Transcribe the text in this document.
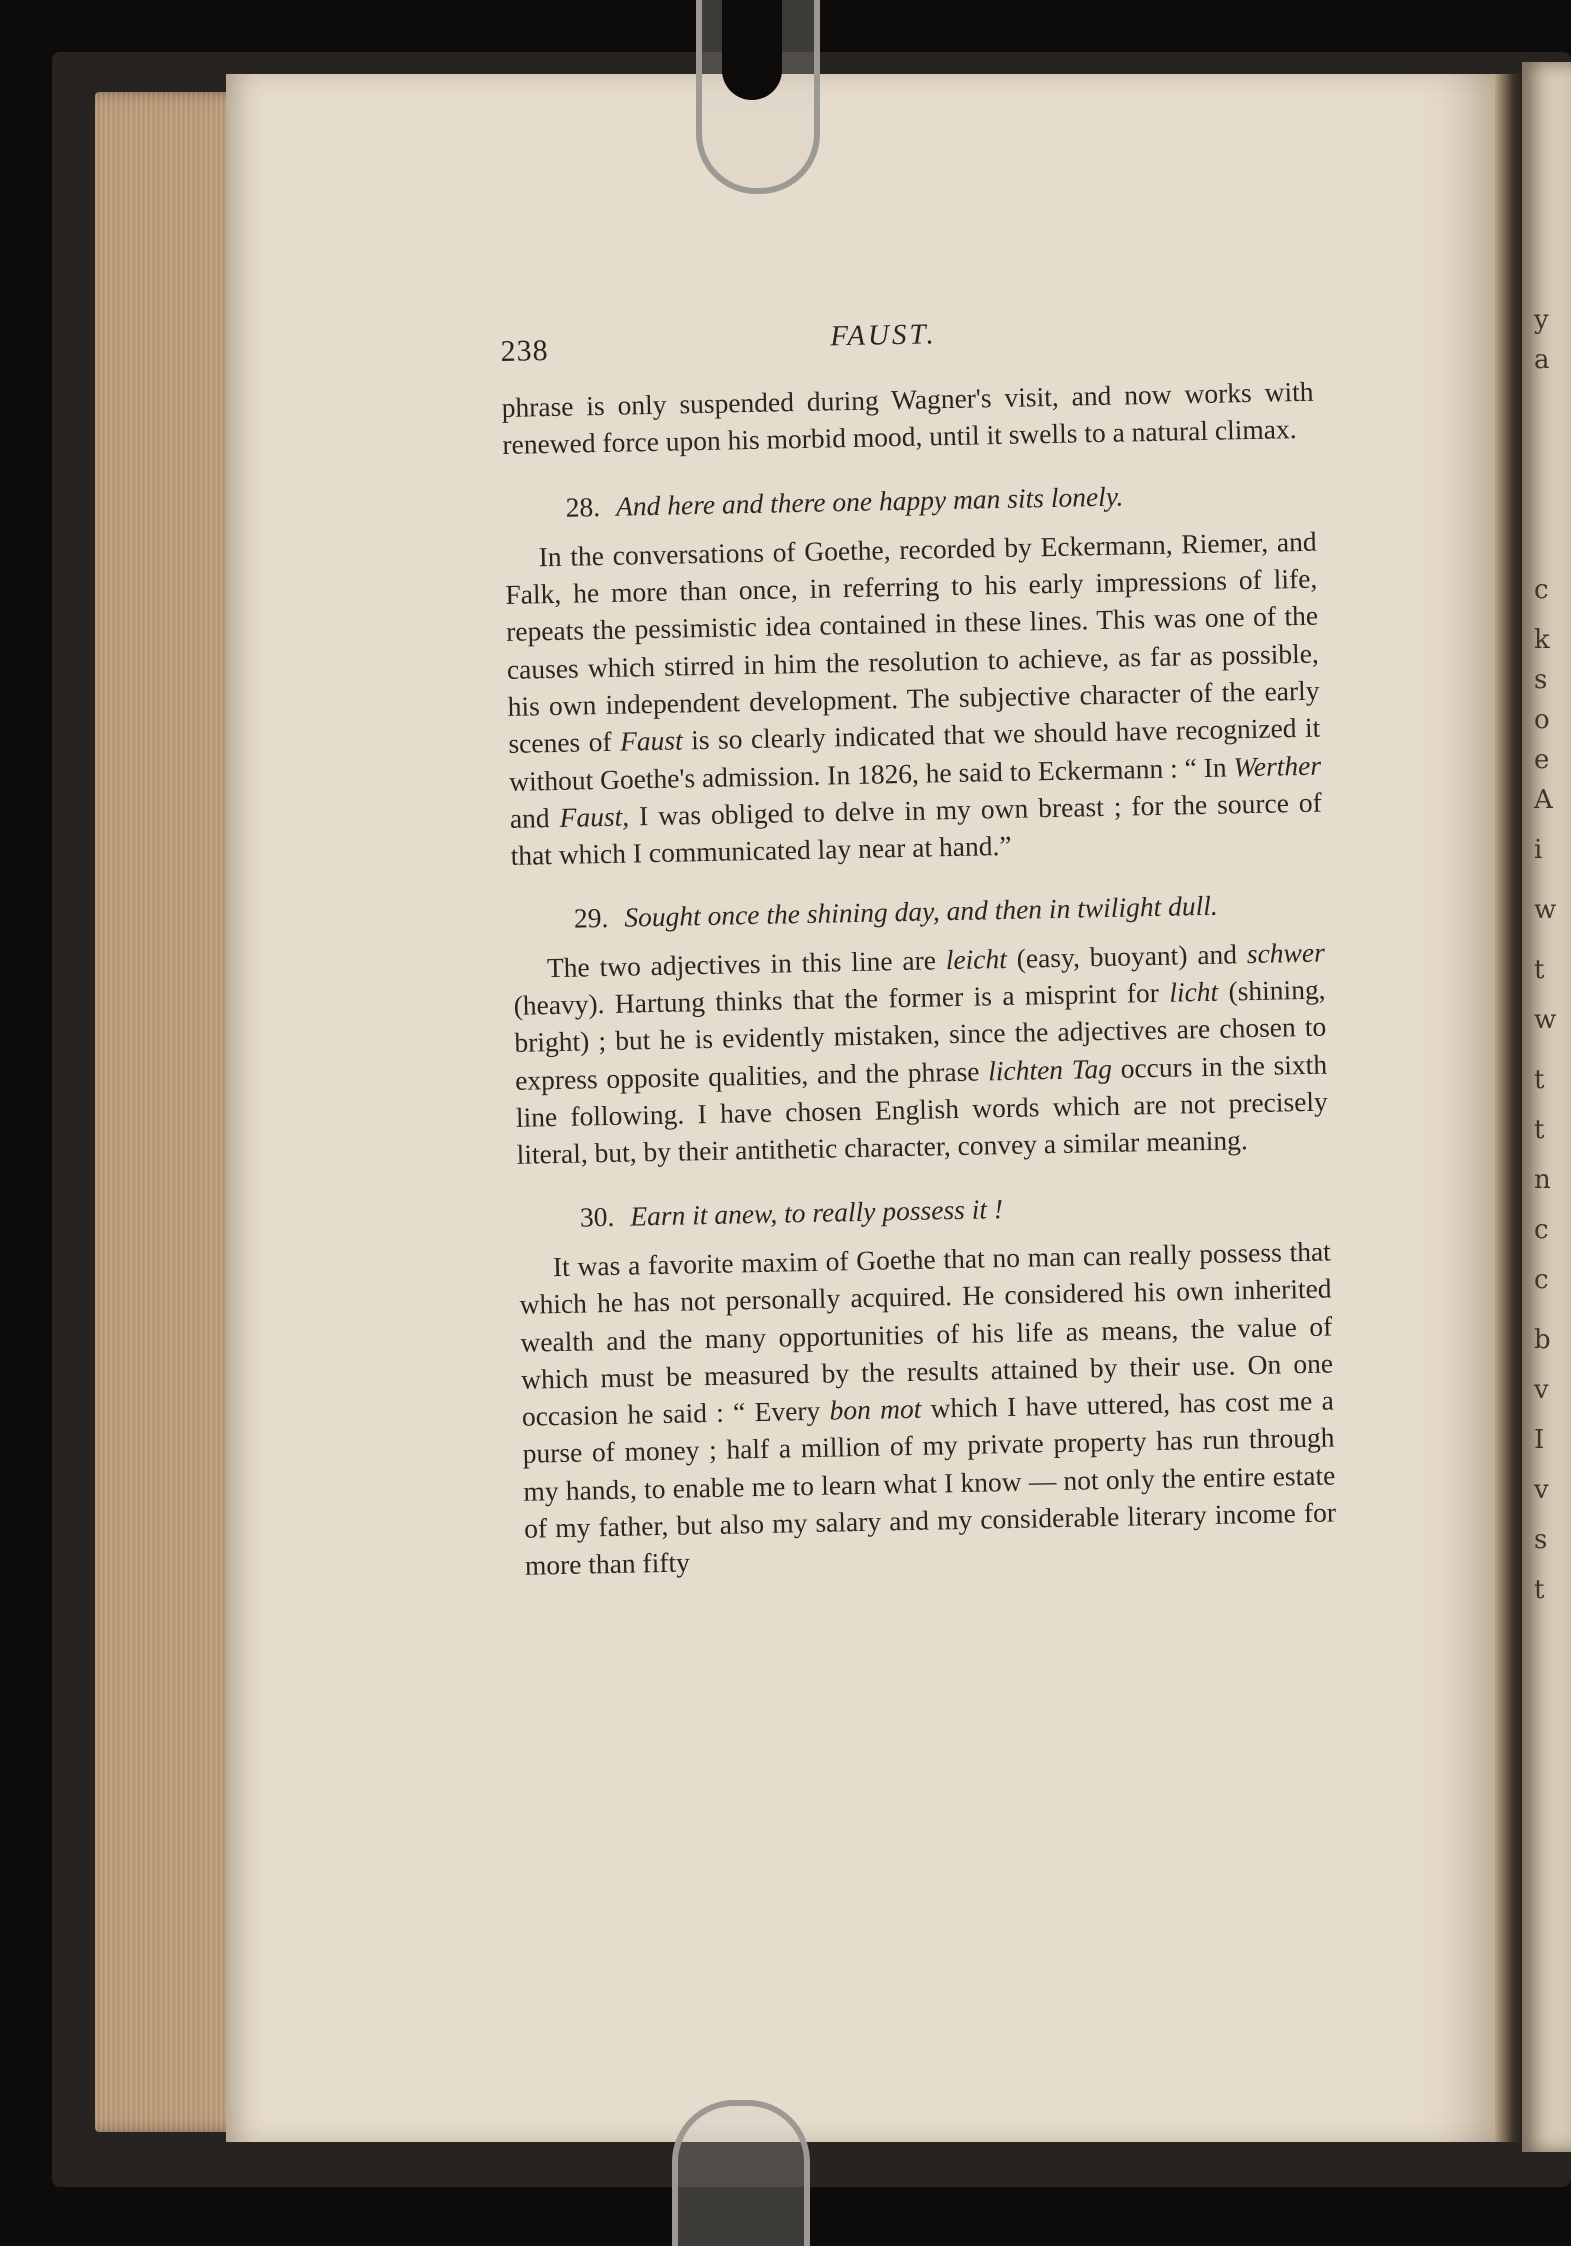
y
a
c
k
s
o
e
A
i
w
t
w
t
t
n
c
c
b
v
I
v
s
t
238	FAUST.

phrase is only suspended during Wagner's visit, and now works with renewed force upon his morbid mood, until it swells to a natural climax.

28. And here and there one happy man sits lonely.

In the conversations of Goethe, recorded by Eckermann, Riemer, and Falk, he more than once, in referring to his early impressions of life, repeats the pessimistic idea contained in these lines. This was one of the causes which stirred in him the resolution to achieve, as far as possible, his own independent development. The subjective character of the early scenes of Faust is so clearly indicated that we should have recognized it without Goethe's admission. In 1826, he said to Eckermann : “ In Werther and Faust, I was obliged to delve in my own breast ; for the source of that which I communicated lay near at hand.”

29. Sought once the shining day, and then in twilight dull.

The two adjectives in this line are leicht (easy, buoyant) and schwer (heavy). Hartung thinks that the former is a misprint for licht (shining, bright) ; but he is evidently mistaken, since the adjectives are chosen to express opposite qualities, and the phrase lichten Tag occurs in the sixth line following. I have chosen English words which are not precisely literal, but, by their antithetic character, convey a similar meaning.

30. Earn it anew, to really possess it !

It was a favorite maxim of Goethe that no man can really possess that which he has not personally acquired. He considered his own inherited wealth and the many opportunities of his life as means, the value of which must be measured by the results attained by their use. On one occasion he said : “ Every bon mot which I have uttered, has cost me a purse of money ; half a million of my private property has run through my hands, to enable me to learn what I know — not only the entire estate of my father, but also my salary and my considerable literary income for more than fifty
